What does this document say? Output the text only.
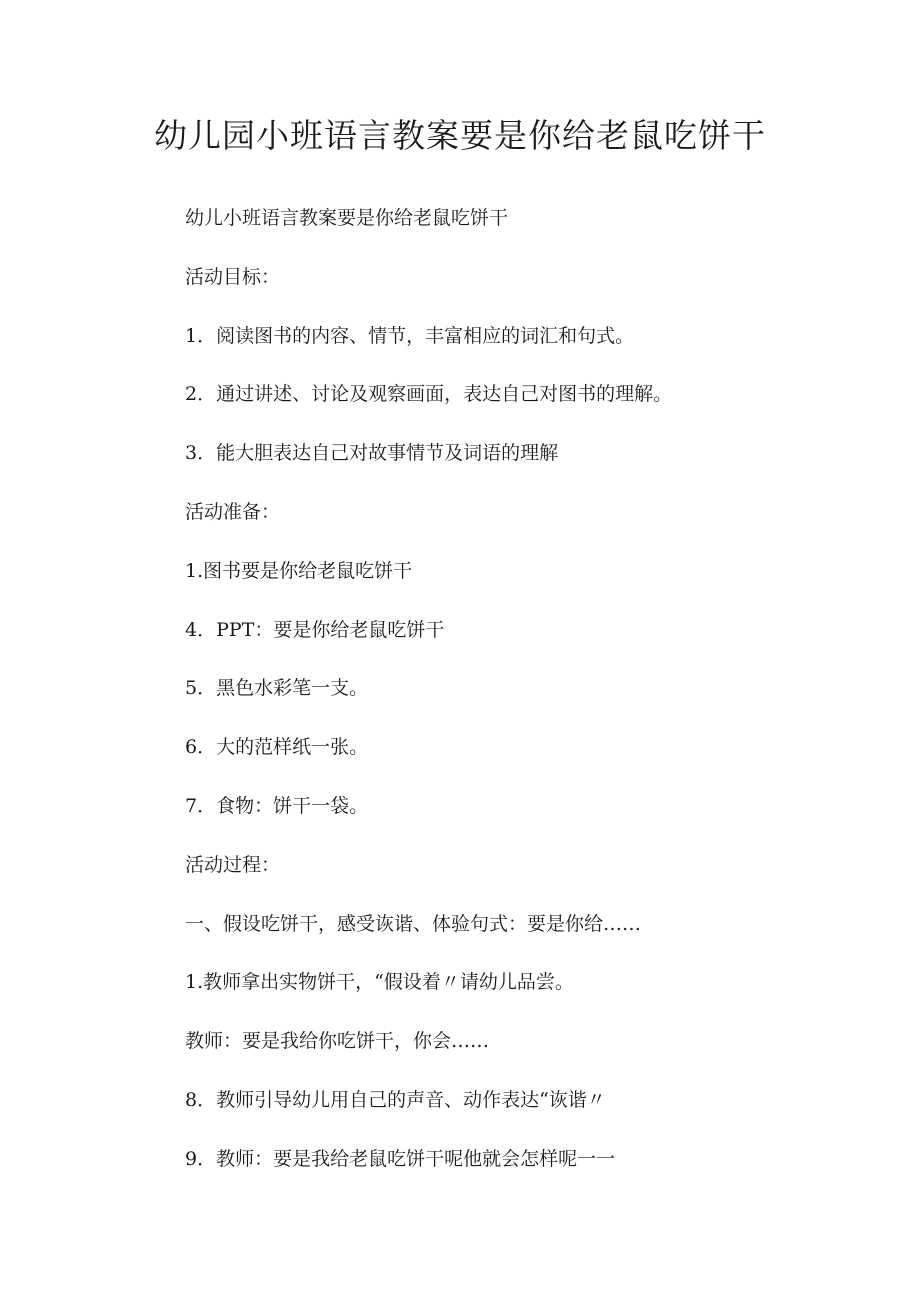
幼儿园小班语言教案要是你给老鼠吃饼干
幼儿小班语言教案要是你给老鼠吃饼干
活动目标：
1．阅读图书的内容、情节，丰富相应的词汇和句式。
2．通过讲述、讨论及观察画面，表达自己对图书的理解。
3．能大胆表达自己对故事情节及词语的理解
活动准备：
1.图书要是你给老鼠吃饼干
4．PPT：要是你给老鼠吃饼干
5．黑色水彩笔一支。
6．大的范样纸一张。
7．食物：饼干一袋。
活动过程：
一、假设吃饼干，感受诙谐、体验句式：要是你给……
1.教师拿出实物饼干，“假设着〃请幼儿品尝。
教师：要是我给你吃饼干，你会……
8．教师引导幼儿用自己的声音、动作表达“诙谐〃
9．教师：要是我给老鼠吃饼干呢他就会怎样呢一一
